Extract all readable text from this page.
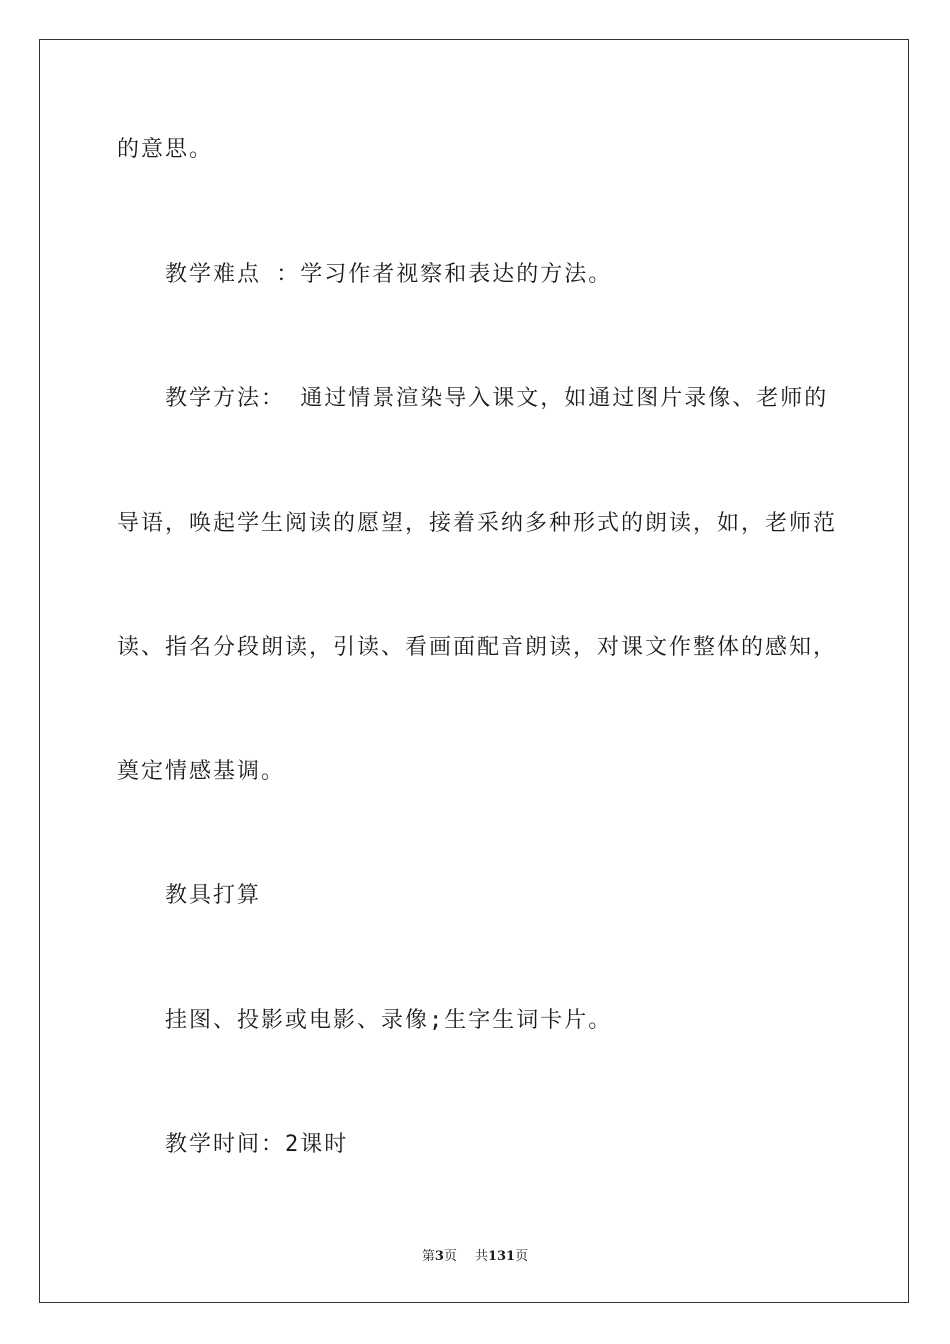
的意思。

教学难点 ：学习作者视察和表达的方法。

教学方法： 通过情景渲染导入课文，如通过图片录像、老师的

导语，唤起学生阅读的愿望，接着采纳多种形式的朗读，如，老师范

读、指名分段朗读，引读、看画面配音朗读，对课文作整体的感知，

奠定情感基调。

教具打算

挂图、投影或电影、录像;生字生词卡片。

教学时间：2课时

第3页 共131页
